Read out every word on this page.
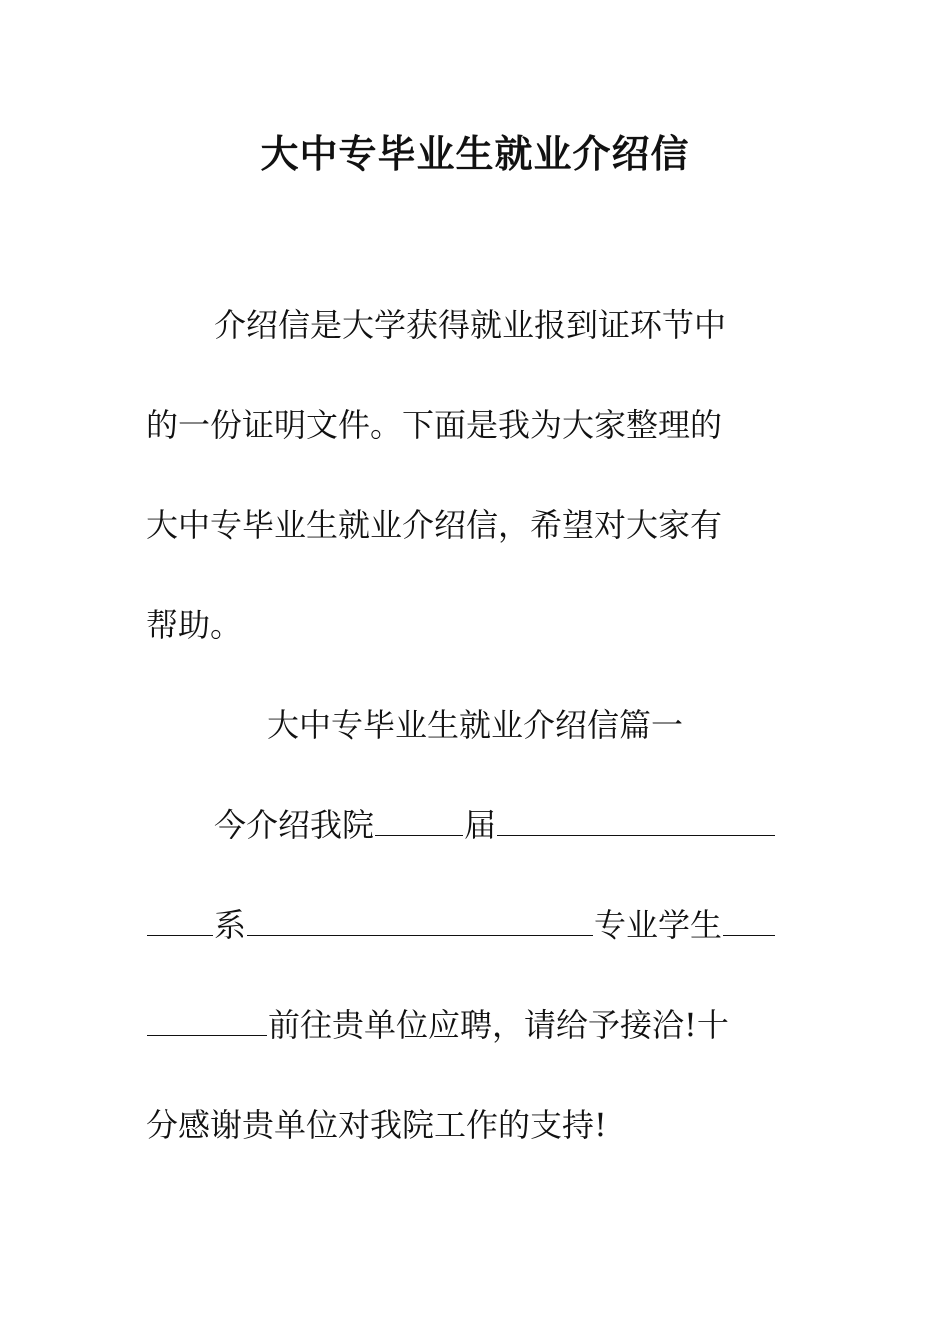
大中专毕业生就业介绍信

介绍信是大学获得就业报到证环节中

的一份证明文件。下面是我为大家整理的

大中专毕业生就业介绍信，希望对大家有

帮助。

大中专毕业生就业介绍信篇一

今介绍我院	届

系	专业学生

前往贵单位应聘，请给予接洽!十

分感谢贵单位对我院工作的支持!
